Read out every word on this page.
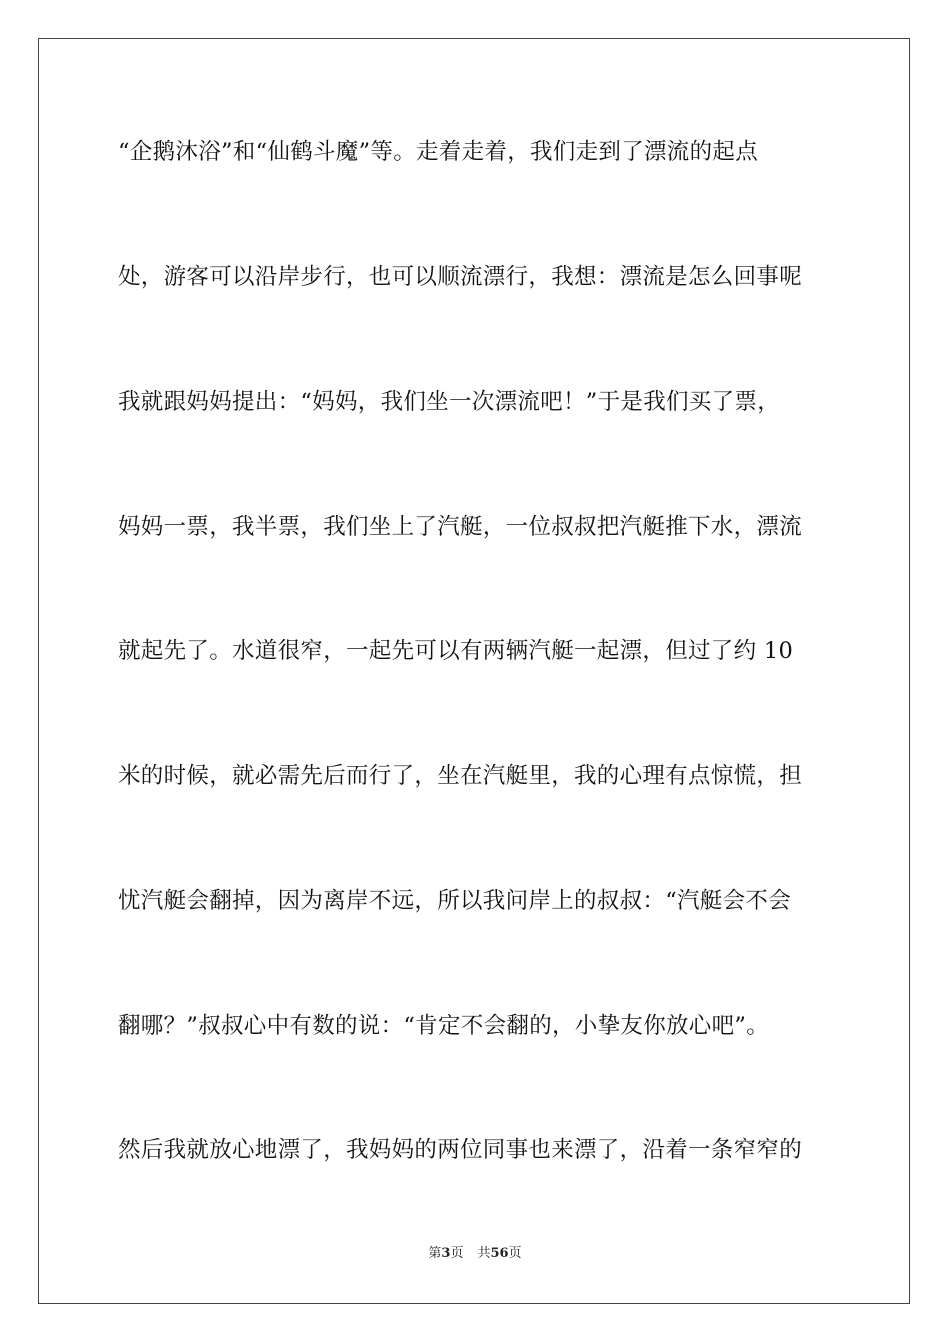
“企鹅沐浴”和“仙鹤斗魔”等。走着走着，我们走到了漂流的起点
处，游客可以沿岸步行，也可以顺流漂行，我想：漂流是怎么回事呢
我就跟妈妈提出：“妈妈，我们坐一次漂流吧！”于是我们买了票，
妈妈一票，我半票，我们坐上了汽艇，一位叔叔把汽艇推下水，漂流
就起先了。水道很窄，一起先可以有两辆汽艇一起漂，但过了约 10
米的时候，就必需先后而行了，坐在汽艇里，我的心理有点惊慌，担
忧汽艇会翻掉，因为离岸不远，所以我问岸上的叔叔：“汽艇会不会
翻哪？”叔叔心中有数的说：“肯定不会翻的，小挚友你放心吧”。
然后我就放心地漂了，我妈妈的两位同事也来漂了，沿着一条窄窄的
第3页 共56页
